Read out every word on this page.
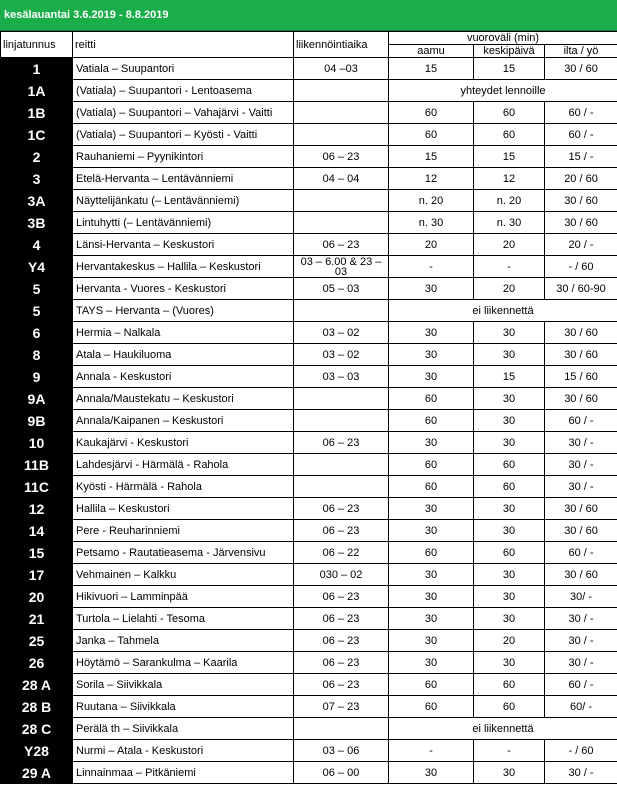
kesälauantai 3.6.2019 - 8.8.2019
linjatunnus	reitti	liikennöintiaika	vuoroväli (min)		
			aamu	keskipäivä	ilta / yö
1	Vatiala – Suupantori	04 –03	15	15	30 / 60
1A	(Vatiala) – Suupantori - Lentoasema		yhteydet lennoille		
1B	(Vatiala) – Suupantori – Vahajärvi - Vaitti		60	60	60 / -
1C	(Vatiala) – Suupantori – Kyösti - Vaitti		60	60	60 / -
2	Rauhaniemi – Pyynikintori	06 – 23	15	15	15 / -
3	Etelä-Hervanta – Lentävänniemi	04 – 04	12	12	20 / 60
3A	Näyttelijänkatu (– Lentävänniemi)		n. 20	n. 20	30 / 60
3B	Lintuhytti (– Lentävänniemi)		n. 30	n. 30	30 / 60
4	Länsi-Hervanta – Keskustori	06 – 23	20	20	20 / -
Y4	Hervantakeskus – Hallila – Keskustori	03 – 6.00 & 23 – 03	-	-	- / 60
5	Hervanta - Vuores - Keskustori	05 – 03	30	20	30 / 60-90
5	TAYS – Hervanta – (Vuores)		ei liikennettä		
6	Hermia – Nalkala	03 – 02	30	30	30 / 60
8	Atala – Haukiluoma	03 – 02	30	30	30 / 60
9	Annala - Keskustori	03 – 03	30	15	15 / 60
9A	Annala/Maustekatu – Keskustori		60	30	30 / 60
9B	Annala/Kaipanen – Keskustori		60	30	60 / -
10	Kaukajärvi - Keskustori	06 – 23	30	30	30 / -
11B	Lahdesjärvi - Härmälä - Rahola		60	60	30 / -
11C	Kyösti - Härmälä - Rahola		60	60	30 / -
12	Hallila – Keskustori	06 – 23	30	30	30 / 60
14	Pere - Reuharinniemi	06 – 23	30	30	30 / 60
15	Petsamo - Rautatieasema - Järvensivu	06 – 22	60	60	60 / -
17	Vehmainen – Kalkku	030 – 02	30	30	30 / 60
20	Hikivuori – Lamminpää	06 – 23	30	30	30/ -
21	Turtola – Lielahti - Tesoma	06 – 23	30	30	30 / -
25	Janka – Tahmela	06 – 23	30	20	30 / -
26	Höytämö – Sarankulma – Kaarila	06 – 23	30	30	30 / -
28 A	Sorila – Siivikkala	06 – 23	60	60	60 / -
28 B	Ruutana – Siivikkala	07 – 23	60	60	60/ -
28 C	Perälä th – Siivikkala		ei liikennettä		
Y28	Nurmi – Atala - Keskustori	03 – 06	-	-	- / 60
29 A	Linnainmaa – Pitkäniemi	06 – 00	30	30	30 / -
